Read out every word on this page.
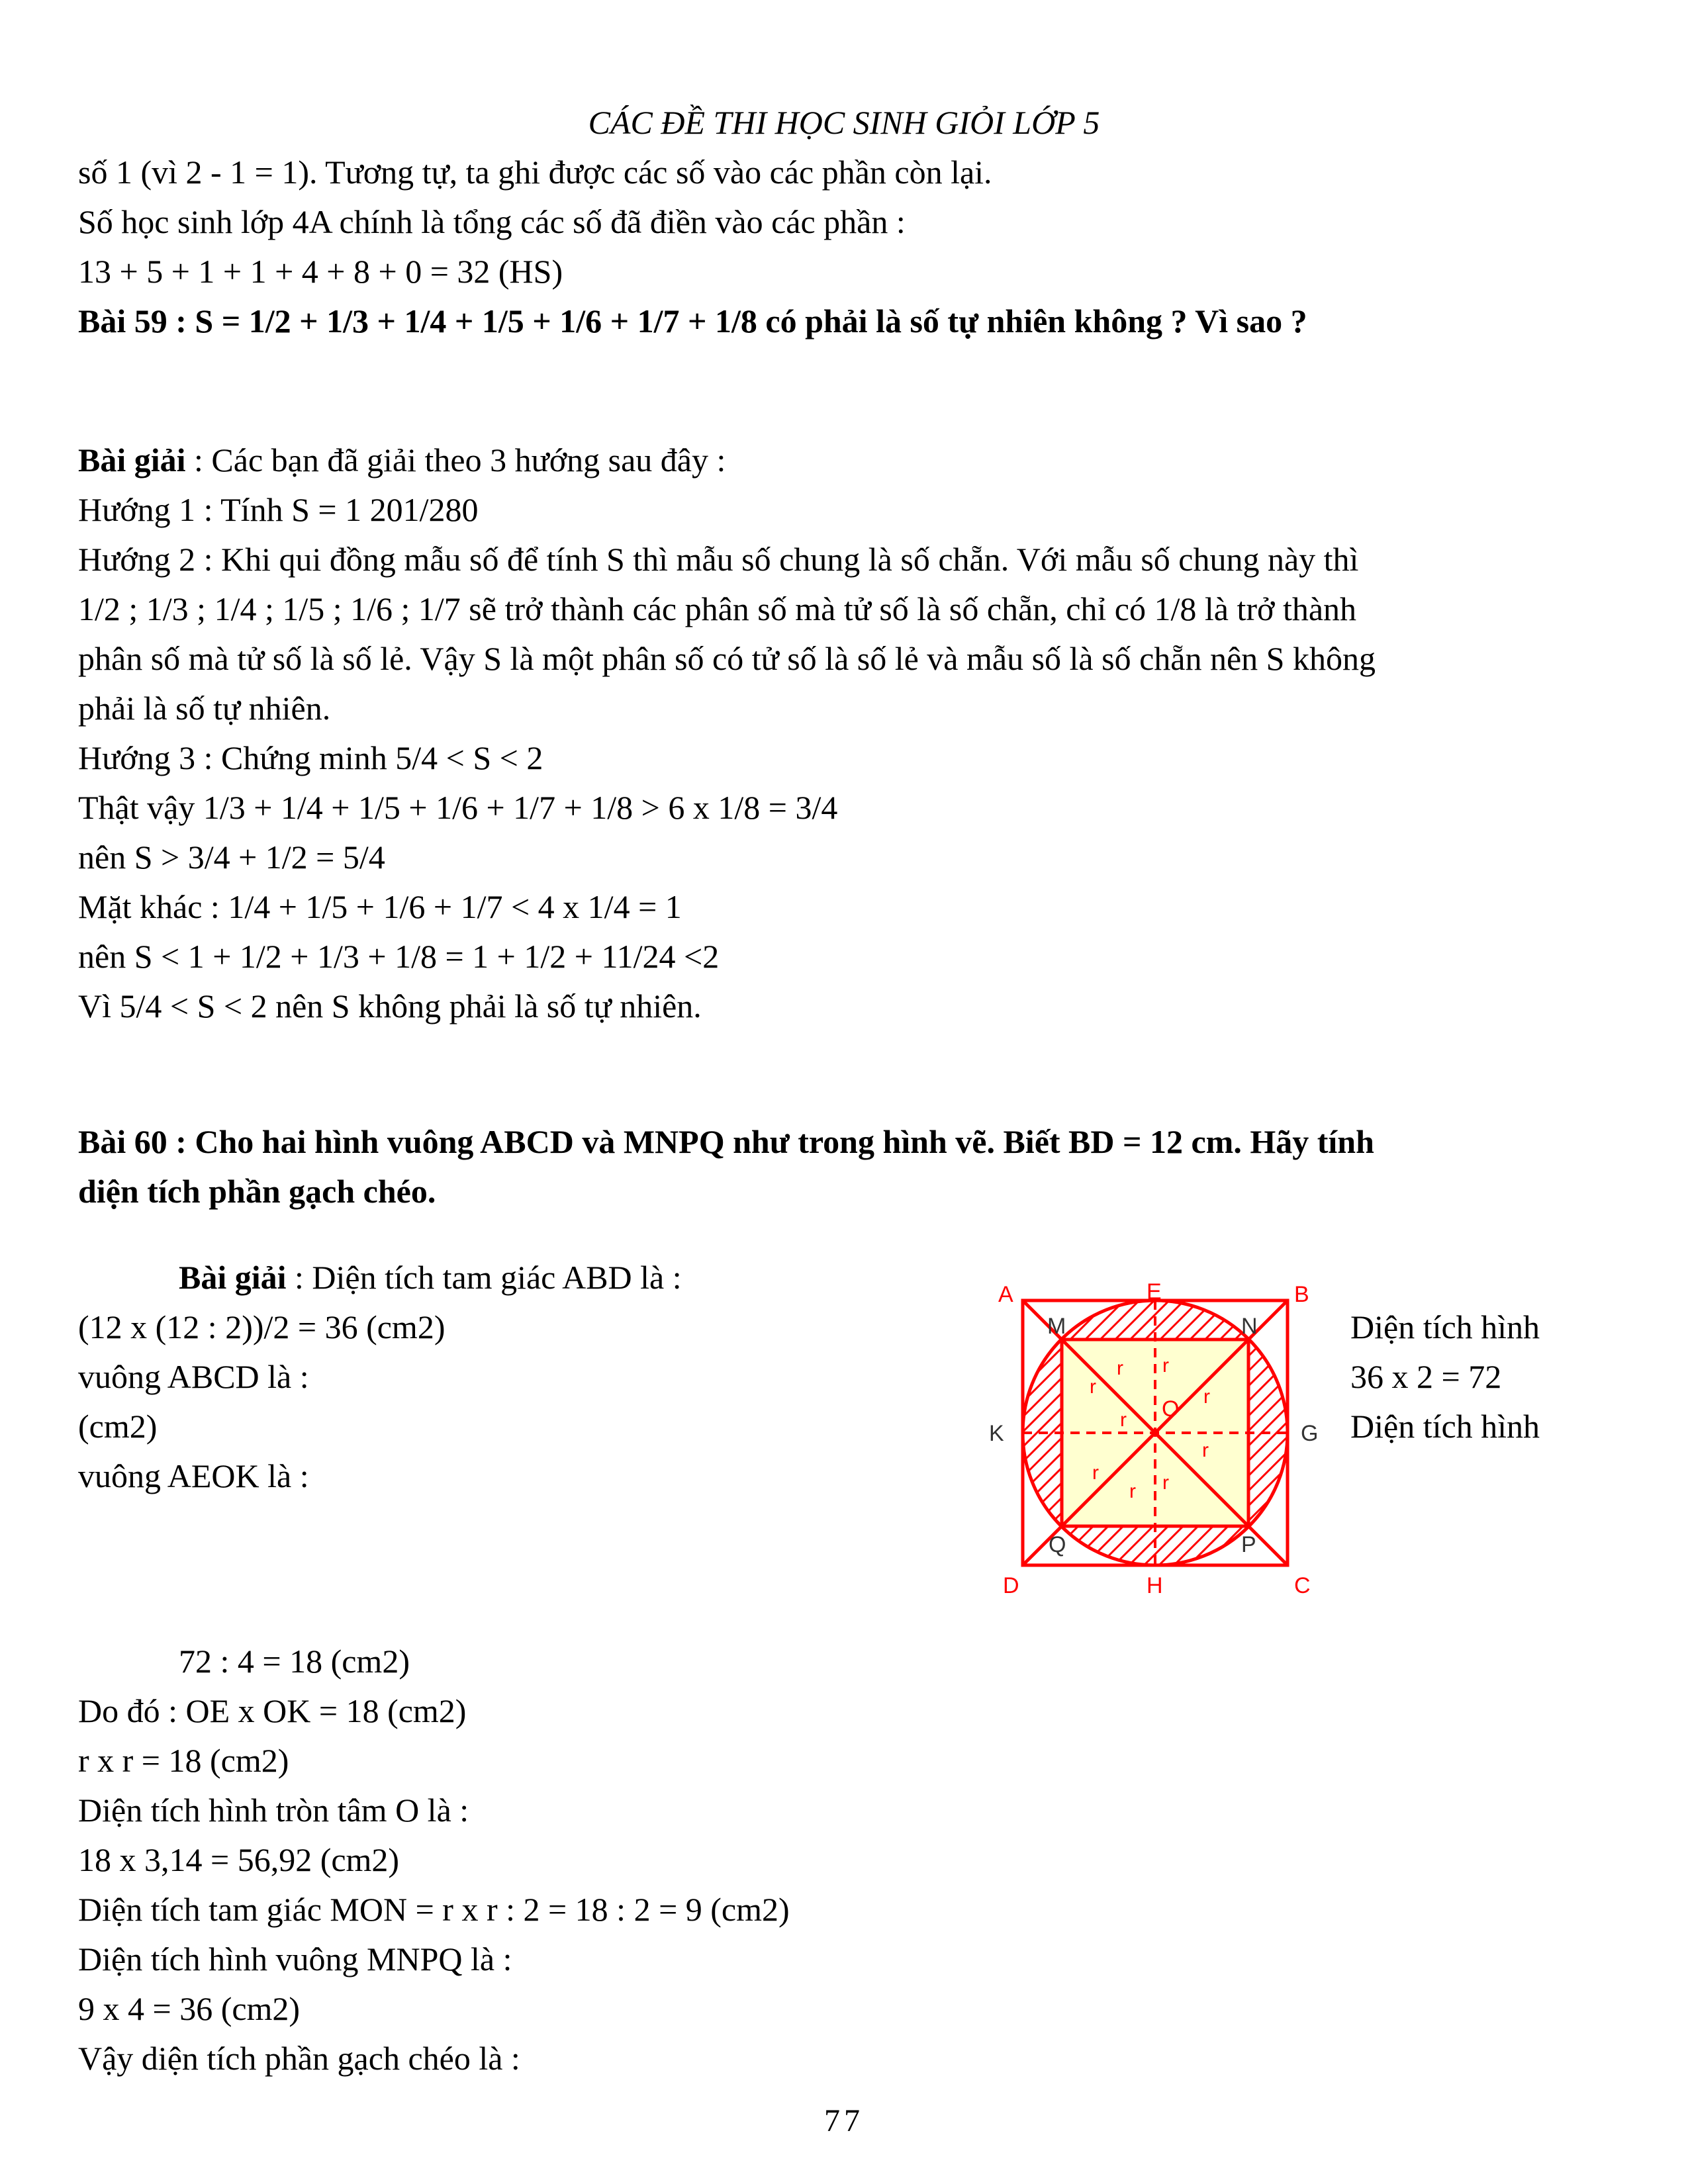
CÁC ĐỀ THI HỌC SINH GIỎI LỚP 5
số 1 (vì 2 - 1 = 1). Tương tự, ta ghi được các số vào các phần còn lại.
Số học sinh lớp 4A chính là tổng các số đã điền vào các phần :
13 + 5 + 1 + 1 + 4 + 8 + 0 = 32 (HS)
Bài 59 : S = 1/2 + 1/3 + 1/4 + 1/5 + 1/6 + 1/7 + 1/8 có phải là số tự nhiên không ? Vì sao ?
Bài giải : Các bạn đã giải theo 3 hướng sau đây :
Hướng 1 : Tính S = 1 201/280
Hướng 2 : Khi qui đồng mẫu số để tính S thì mẫu số chung là số chẵn. Với mẫu số chung này thì
1/2 ; 1/3 ; 1/4 ; 1/5 ; 1/6 ; 1/7 sẽ trở thành các phân số mà tử số là số chẵn, chỉ có 1/8 là trở thành
phân số mà tử số là số lẻ. Vậy S là một phân số có tử số là số lẻ và mẫu số là số chẵn nên S không
phải là số tự nhiên.
Hướng 3 : Chứng minh 5/4 < S < 2
Thật vậy 1/3 + 1/4 + 1/5 + 1/6 + 1/7 + 1/8 > 6 x 1/8 = 3/4
nên S > 3/4 + 1/2 = 5/4
Mặt khác : 1/4 + 1/5 + 1/6 + 1/7 < 4 x 1/4 = 1
nên S < 1 + 1/2 + 1/3 + 1/8 = 1 + 1/2 + 11/24 <2
Vì 5/4 < S < 2 nên S không phải là số tự nhiên.
Bài 60 : Cho hai hình vuông ABCD và MNPQ như trong hình vẽ. Biết BD = 12 cm. Hãy tính
diện tích phần gạch chéo.
Bài giải : Diện tích tam giác ABD là :
(12 x (12 : 2))/2 = 36 (cm2)
vuông ABCD là :
(cm2)
vuông AEOK là :
Diện tích hình
36 x 2 = 72
Diện tích hình
72 : 4 = 18 (cm2)
Do đó : OE x OK = 18 (cm2)
r x r = 18 (cm2)
Diện tích hình tròn tâm O là :
18 x 3,14 = 56,92 (cm2)
Diện tích tam giác MON = r x r : 2 = 18 : 2 = 9 (cm2)
Diện tích hình vuông MNPQ là :
9 x 4 = 36 (cm2)
Vậy diện tích phần gạch chéo là :
A	E	B
M	N
K
O
G
Q	P
D	H	C
r r
r	r
r
r
r
r r
77
